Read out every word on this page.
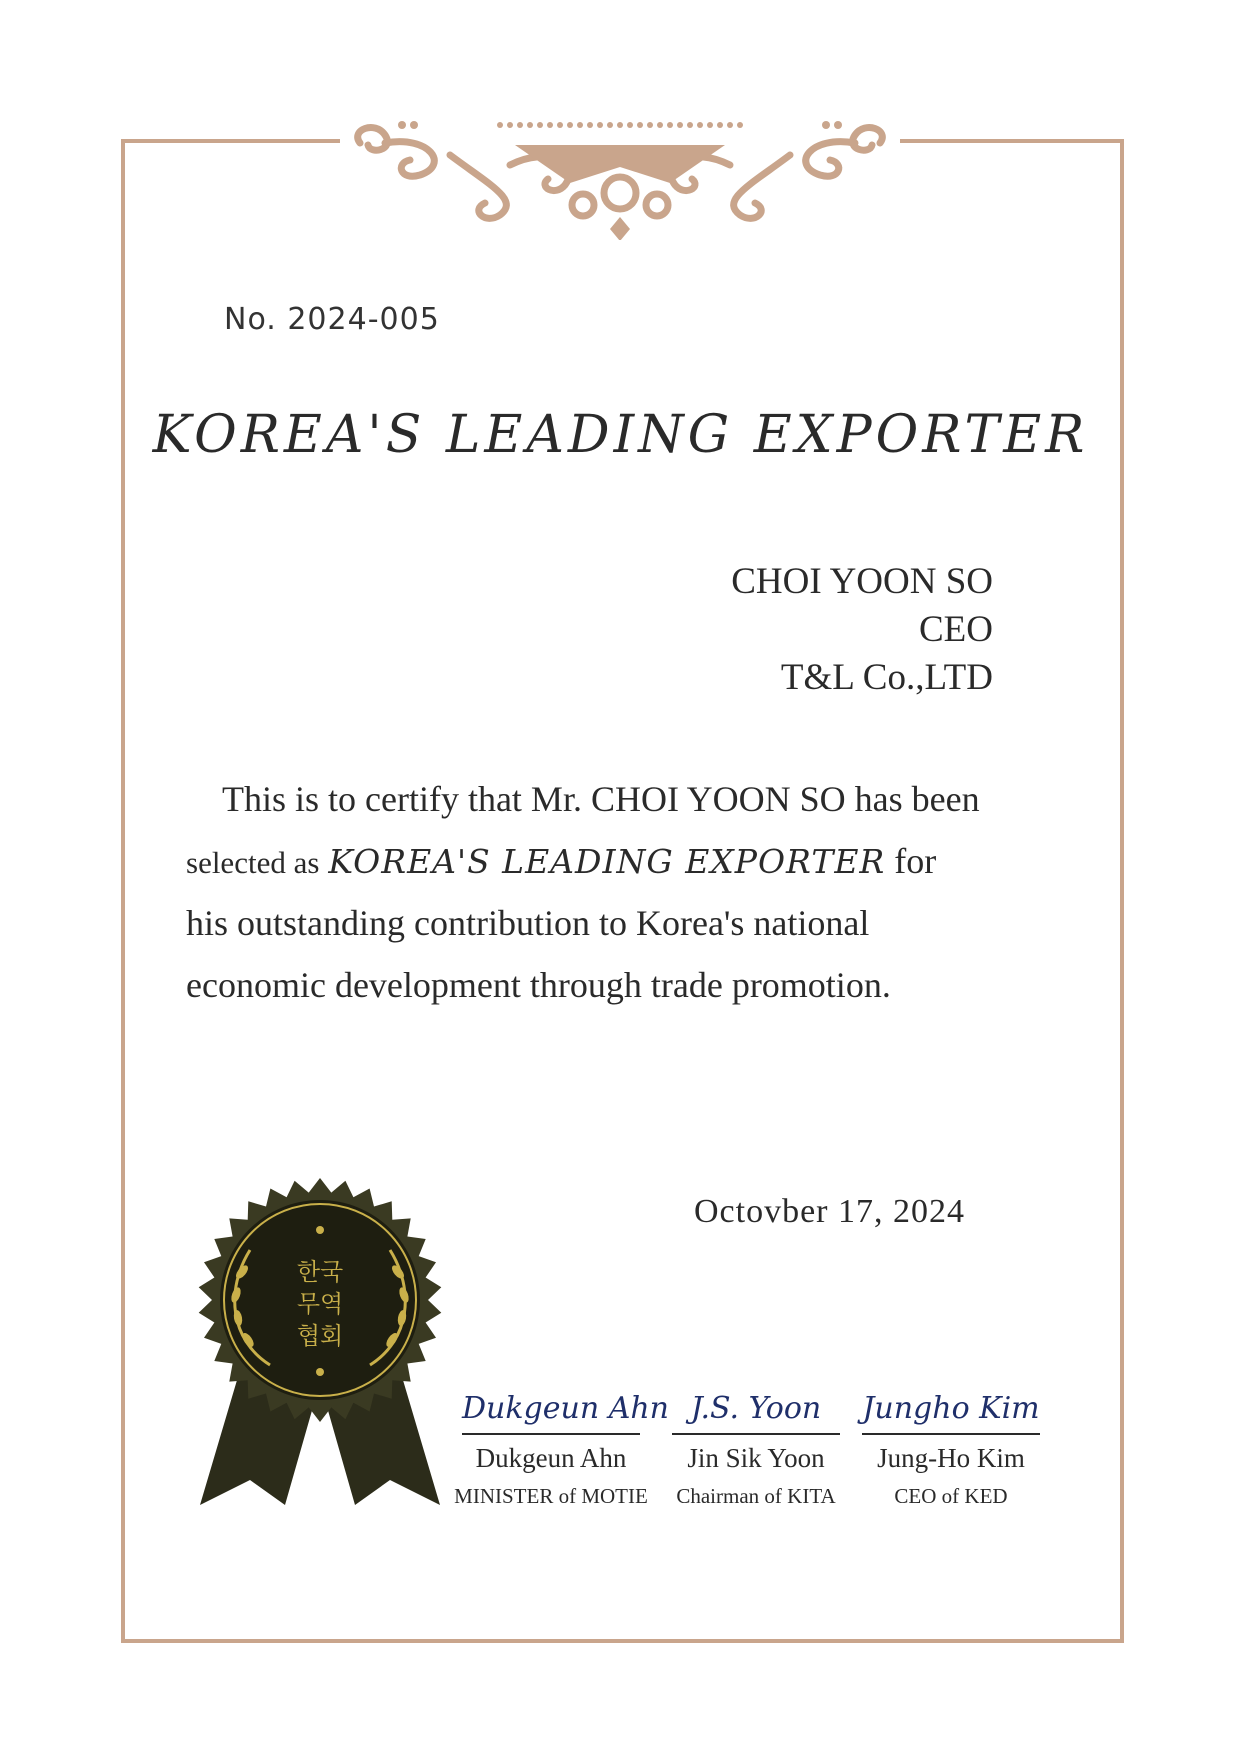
No. 2024-005
KOREA'S LEADING EXPORTER
CHOI YOON SO
CEO
T&L Co.,LTD
This is to certify that Mr. CHOI YOON SO has been
selected as KOREA'S LEADING EXPORTER for
his outstanding contribution to Korea's national
economic development through trade promotion.
Octovber 17, 2024
한국
무역
협회
Dukgeun Ahn
Dukgeun Ahn
MINISTER of MOTIE
J.S. Yoon
Jin Sik Yoon
Chairman of KITA
Jungho Kim
Jung-Ho Kim
CEO of KED
